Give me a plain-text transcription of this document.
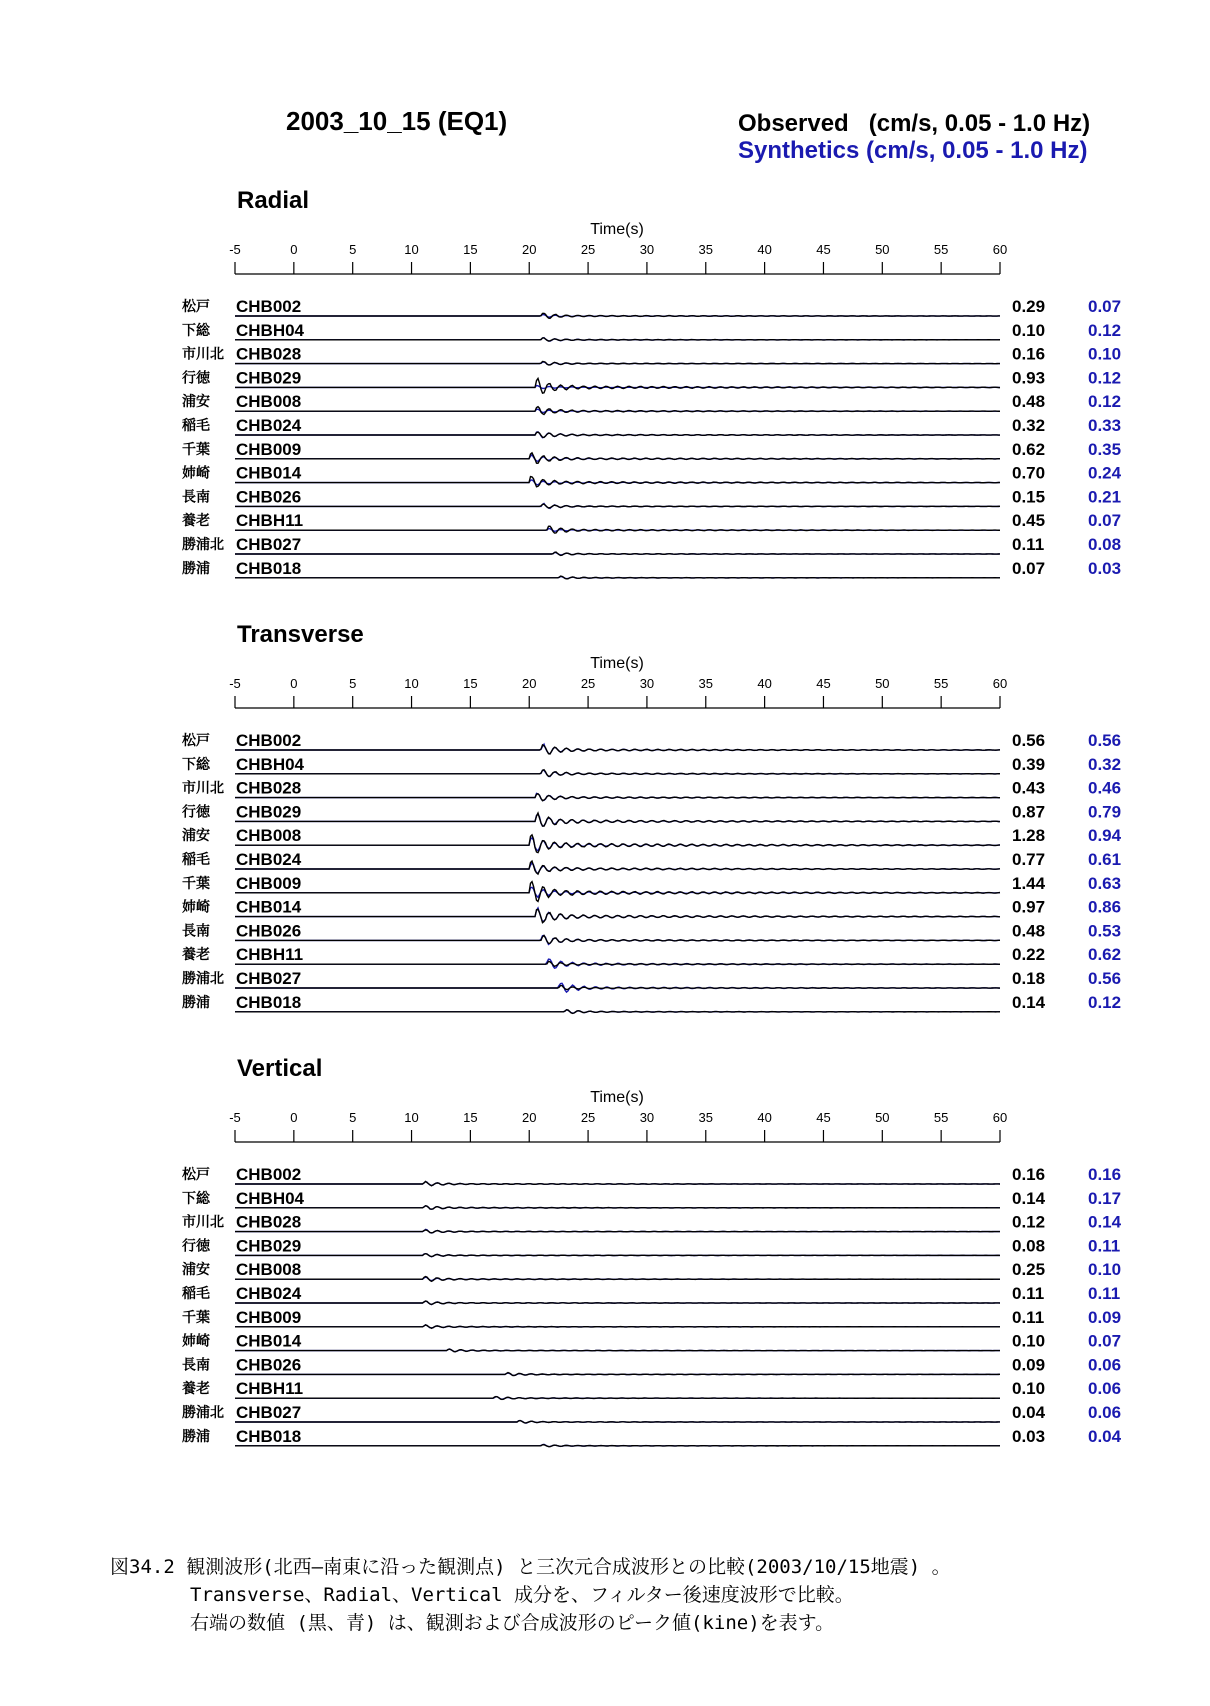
2003_10_15 (EQ1)	Observed   (cm/s, 0.05 - 1.0 Hz)
Synthetics (cm/s, 0.05 - 1.0 Hz)
Radial
Time(s)
-5	0	5	10	15	20	25	30	35	40	45	50	55	60
松戸 CHB002	0.29	0.07
下総 CHBH04	0.10	0.12
市川北 CHB028	0.16	0.10
行徳 CHB029	0.93	0.12
浦安 CHB008	0.48	0.12
稲毛 CHB024	0.32	0.33
千葉 CHB009	0.62	0.35
姉崎 CHB014	0.70	0.24
長南 CHB026	0.15	0.21
養老 CHBH11	0.45	0.07
勝浦北 CHB027	0.11	0.08
勝浦 CHB018	0.07	0.03
Transverse
Time(s)
-5	0	5	10	15	20	25	30	35	40	45	50	55	60
松戸 CHB002	0.56	0.56
下総 CHBH04	0.39	0.32
市川北 CHB028	0.43	0.46
行徳 CHB029	0.87	0.79
浦安 CHB008	1.28	0.94
稲毛 CHB024	0.77	0.61
千葉 CHB009	1.44	0.63
姉崎 CHB014	0.97	0.86
長南 CHB026	0.48	0.53
養老 CHBH11	0.22	0.62
勝浦北 CHB027	0.18	0.56
勝浦 CHB018	0.14	0.12
Vertical
Time(s)
-5	0	5	10	15	20	25	30	35	40	45	50	55	60
松戸 CHB002	0.16	0.16
下総 CHBH04	0.14	0.17
市川北 CHB028	0.12	0.14
行徳 CHB029	0.08	0.11
浦安 CHB008	0.25	0.10
稲毛 CHB024	0.11	0.11
千葉 CHB009	0.11	0.09
姉崎 CHB014	0.10	0.07
長南 CHB026	0.09	0.06
養老 CHBH11	0.10	0.06
勝浦北 CHB027	0.04	0.06
勝浦 CHB018	0.03	0.04
図34.2 観測波形(北西―南東に沿った観測点) と三次元合成波形との比較(2003/10/15地震) 。
Transverse、Radial、Vertical 成分を、フィルター後速度波形で比較。
右端の数値 (黒、青) は、観測および合成波形のピーク値(kine)を表す。
